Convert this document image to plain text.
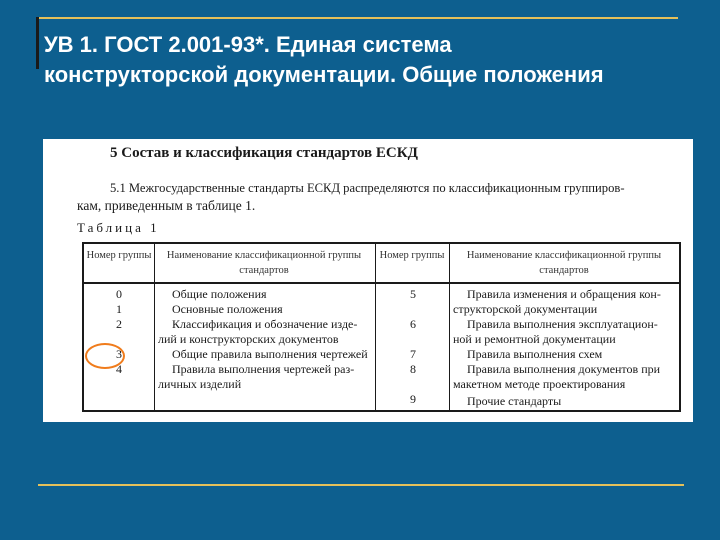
УВ 1. ГОСТ 2.001-93*. Единая система
конструкторской документации. Общие положения
5 Состав и классификация стандартов ЕСКД
5.1 Межгосударственные стандарты ЕСКД распределяются по классификационным группиров-
кам, приведенным в таблице 1.
Таблица 1
Номер группы Наименование классификационной группы стандартов
Номер группы Наименование классификационной группы стандартов
0
1
2
3
4
Общие положения
Основные положения
Классификация и обозначение изде-
лий и конструкторских документов
Общие правила выполнения чертежей
Правила выполнения чертежей раз-
личных изделий
5
6
7
8
9
Правила изменения и обращения кон-
структорской документации
Правила выполнения эксплуатацион-
ной и ремонтной документации
Правила выполнения схем
Правила выполнения документов при
макетном методе проектирования
Прочие стандарты
